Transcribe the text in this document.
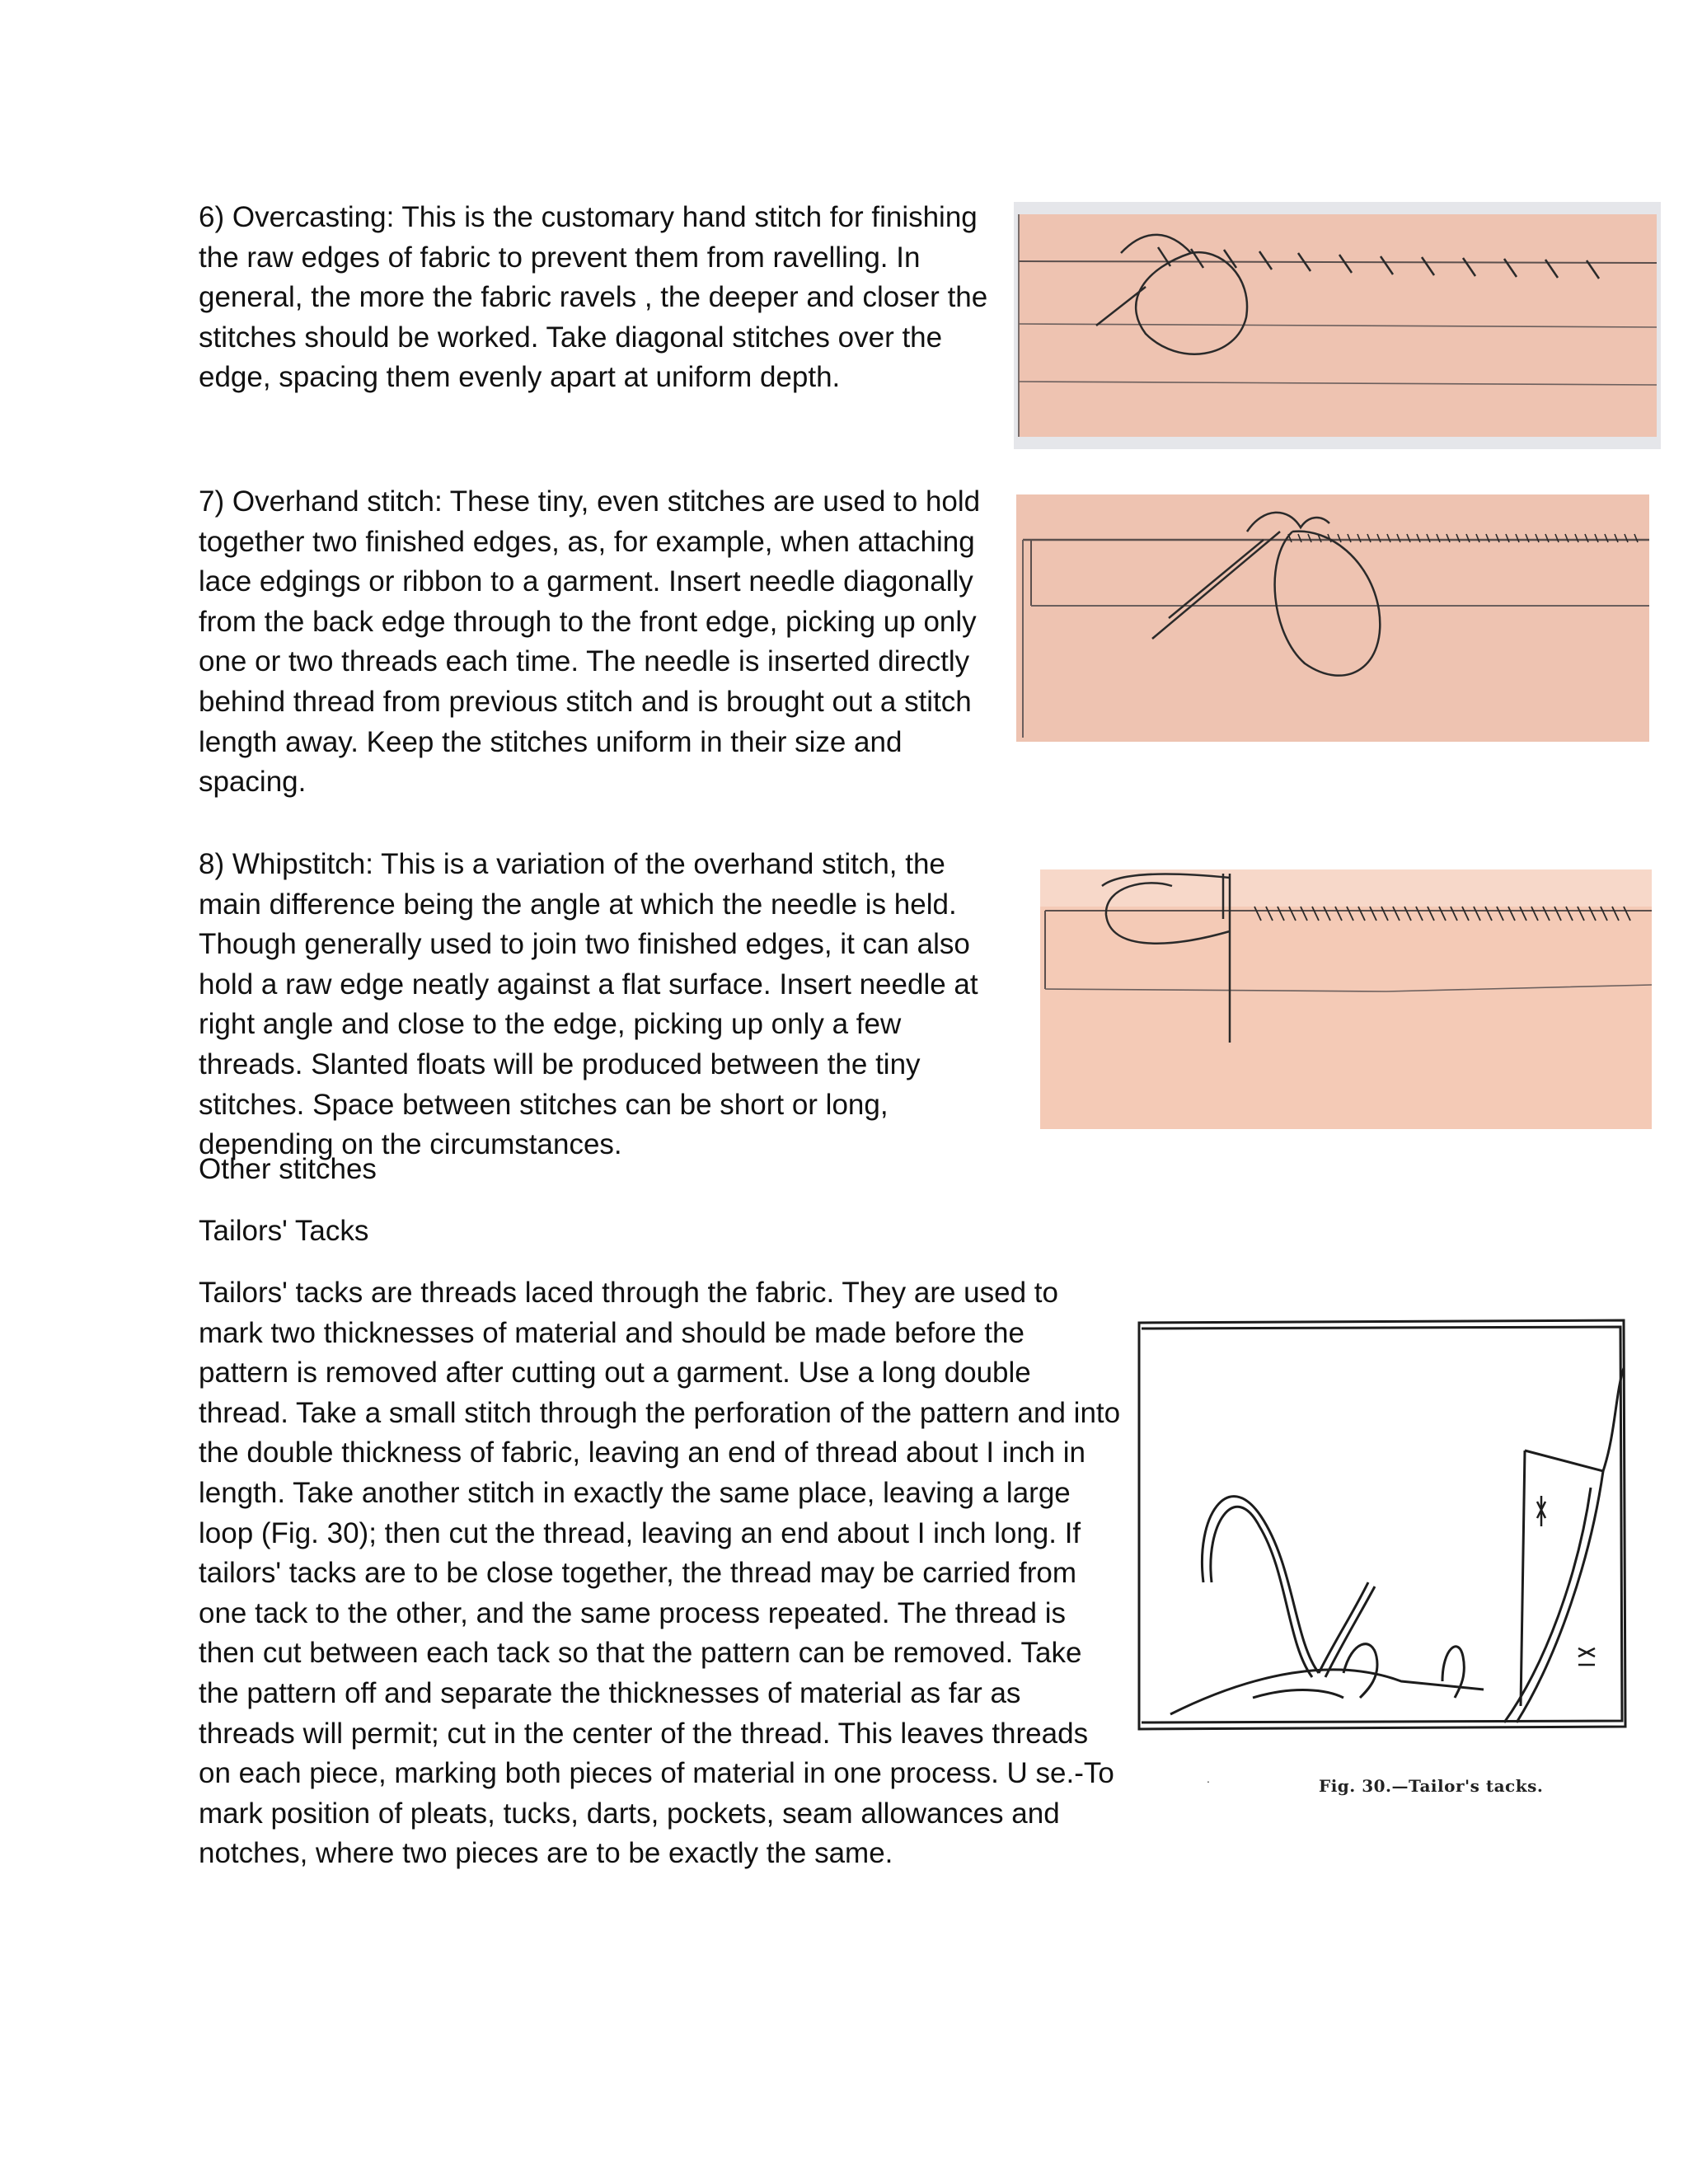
6) Overcasting: This is the customary hand stitch for finishing the raw edges of fabric to prevent them from ravelling. In general, the more the fabric ravels , the deeper and closer the stitches should be worked. Take diagonal stitches over the edge, spacing them evenly apart at uniform depth.

7) Overhand stitch: These tiny, even stitches are used to hold together two finished edges, as, for example, when attaching lace edgings or ribbon to a garment. Insert needle diagonally from the back edge through to the front edge, picking up only one or two threads each time. The needle is inserted directly behind thread from previous stitch and is brought out a stitch length away. Keep the stitches uniform in their size and spacing.

8) Whipstitch: This is a variation of the overhand stitch, the main difference being the angle at which the needle is held. Though generally used to join two finished edges, it can also hold a raw edge neatly against a flat surface. Insert needle at right angle and close to the edge, picking up only a few threads. Slanted floats will be produced between the tiny stitches. Space between stitches can be short or long, depending on the circumstances.

Other stitches

Tailors' Tacks

Tailors' tacks are threads laced through the fabric. They are used to mark two thicknesses of material and should be made before the pattern is removed after cutting out a garment. Use a long double thread. Take a small stitch through the perforation of the pattern and into the double thickness of fabric, leaving an end of thread about I inch in length. Take another stitch in exactly the same place, leaving a large loop (Fig. 30); then cut the thread, leaving an end about I inch long. If tailors' tacks are to be close together, the thread may be carried from one tack to the other, and the same process repeated. The thread is then cut between each tack so that the pattern can be removed. Take the pattern off and separate the thicknesses of material as far as threads will permit; cut in the center of the thread. This leaves threads on each piece, marking both pieces of material in one process. U se.-To mark position of pleats, tucks, darts, pockets, seam allowances and notches, where two pieces are to be exactly the same.

.	Fig. 30.—Tailor's tacks.
